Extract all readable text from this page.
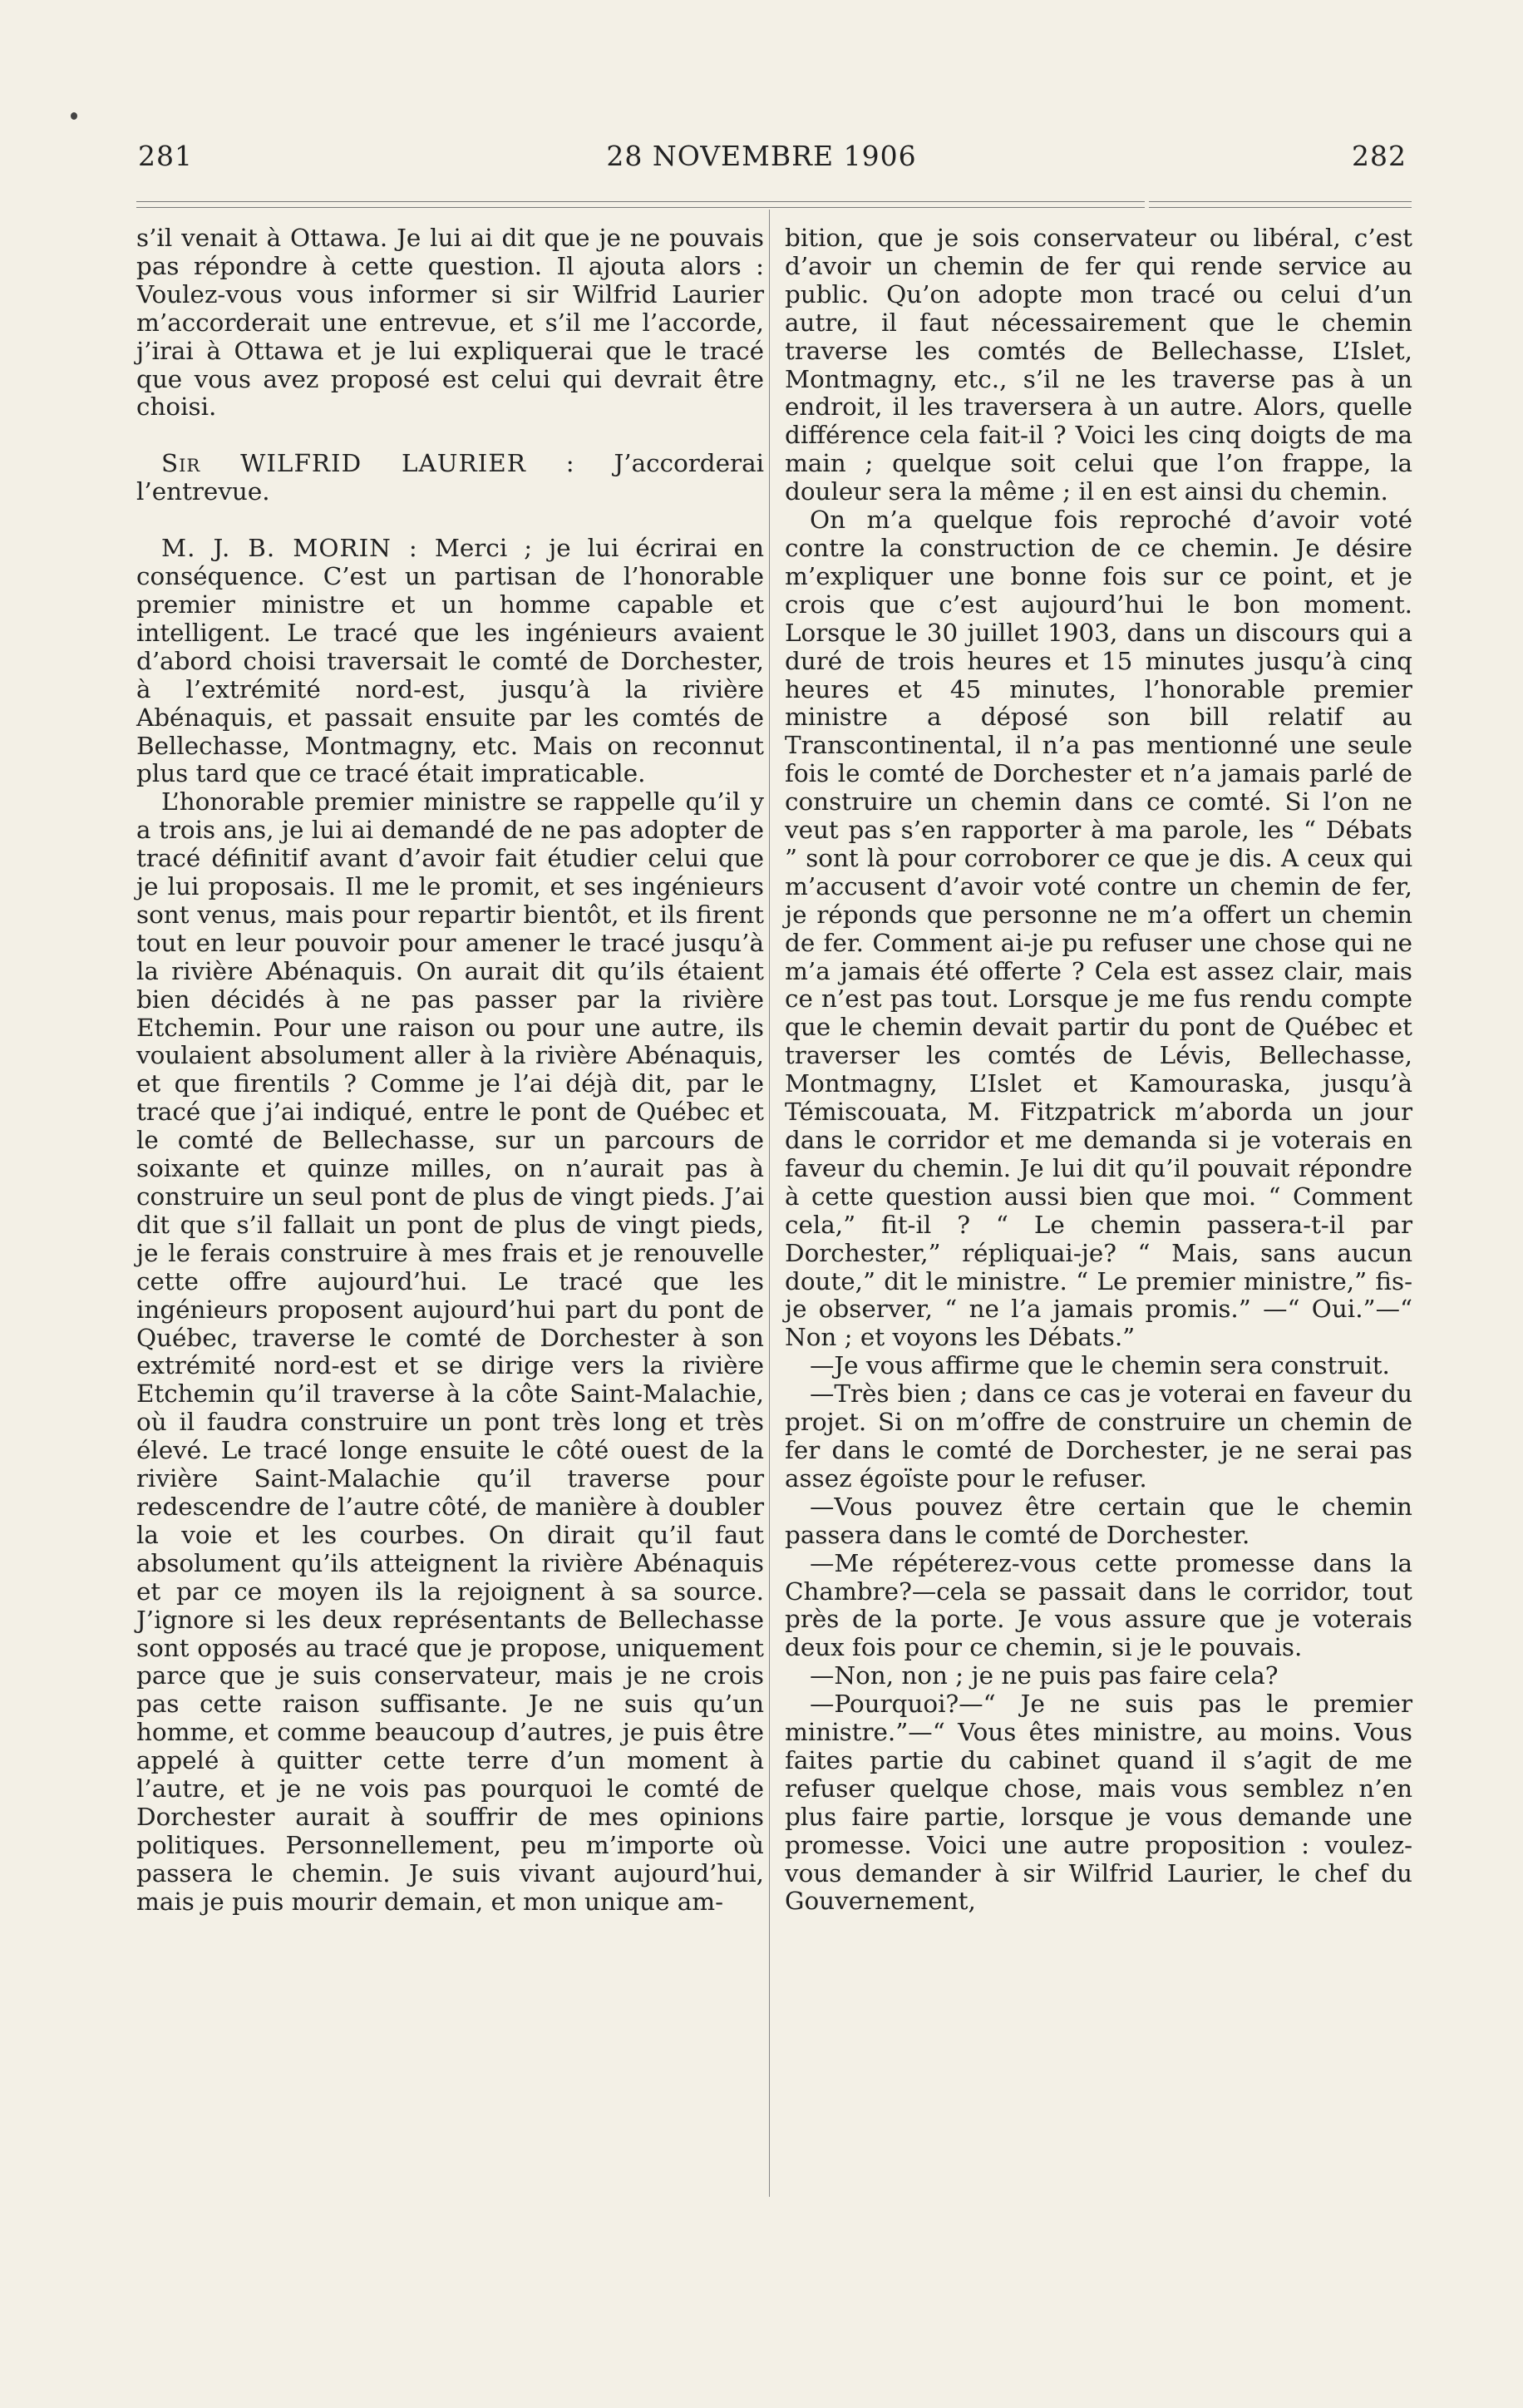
281	28 NOVEMBRE 1906	282

s’il venait à Ottawa. Je lui ai dit que je ne pouvais pas répondre à cette question. Il ajouta alors : Voulez-vous vous informer si sir Wilfrid Laurier m’accorderait une entrevue, et s’il me l’accorde, j’irai à Ottawa et je lui expliquerai que le tracé que vous avez proposé est celui qui devrait être choisi.

Sir WILFRID LAURIER : J’accorderai l’entrevue.

M. J. B. MORIN : Merci ; je lui écrirai en conséquence. C’est un partisan de l’honorable premier ministre et un homme capable et intelligent. Le tracé que les ingénieurs avaient d’abord choisi traversait le comté de Dorchester, à l’extrémité nord-est, jusqu’à la rivière Abénaquis, et passait ensuite par les comtés de Bellechasse, Montmagny, etc. Mais on reconnut plus tard que ce tracé était impraticable.

L’honorable premier ministre se rappelle qu’il y a trois ans, je lui ai demandé de ne pas adopter de tracé définitif avant d’avoir fait étudier celui que je lui proposais. Il me le promit, et ses ingénieurs sont venus, mais pour repartir bientôt, et ils firent tout en leur pouvoir pour amener le tracé jusqu’à la rivière Abénaquis. On aurait dit qu’ils étaient bien décidés à ne pas passer par la rivière Etchemin. Pour une raison ou pour une autre, ils voulaient absolument aller à la rivière Abénaquis, et que firentils ? Comme je l’ai déjà dit, par le tracé que j’ai indiqué, entre le pont de Québec et le comté de Bellechasse, sur un parcours de soixante et quinze milles, on n’aurait pas à construire un seul pont de plus de vingt pieds. J’ai dit que s’il fallait un pont de plus de vingt pieds, je le ferais construire à mes frais et je renouvelle cette offre aujourd’hui. Le tracé que les ingénieurs proposent aujourd’hui part du pont de Québec, traverse le comté de Dorchester à son extrémité nord-est et se dirige vers la rivière Etchemin qu’il traverse à la côte Saint-Malachie, où il faudra construire un pont très long et très élevé. Le tracé longe ensuite le côté ouest de la rivière Saint-Malachie qu’il traverse pour redescendre de l’autre côté, de manière à doubler la voie et les courbes. On dirait qu’il faut absolument qu’ils atteignent la rivière Abénaquis et par ce moyen ils la rejoignent à sa source. J’ignore si les deux représentants de Bellechasse sont opposés au tracé que je propose, uniquement parce que je suis conservateur, mais je ne crois pas cette raison suffisante. Je ne suis qu’un homme, et comme beaucoup d’autres, je puis être appelé à quitter cette terre d’un moment à l’autre, et je ne vois pas pourquoi le comté de Dorchester aurait à souffrir de mes opinions politiques. Personnellement, peu m’importe où passera le chemin. Je suis vivant aujourd’hui, mais je puis mourir demain, et mon unique am-

bition, que je sois conservateur ou libéral, c’est d’avoir un chemin de fer qui rende service au public. Qu’on adopte mon tracé ou celui d’un autre, il faut nécessairement que le chemin traverse les comtés de Bellechasse, L’Islet, Montmagny, etc., s’il ne les traverse pas à un endroit, il les traversera à un autre. Alors, quelle différence cela fait-il ? Voici les cinq doigts de ma main ; quelque soit celui que l’on frappe, la douleur sera la même ; il en est ainsi du chemin.

On m’a quelque fois reproché d’avoir voté contre la construction de ce chemin. Je désire m’expliquer une bonne fois sur ce point, et je crois que c’est aujourd’hui le bon moment. Lorsque le 30 juillet 1903, dans un discours qui a duré de trois heures et 15 minutes jusqu’à cinq heures et 45 minutes, l’honorable premier ministre a déposé son bill relatif au Transcontinental, il n’a pas mentionné une seule fois le comté de Dorchester et n’a jamais parlé de construire un chemin dans ce comté. Si l’on ne veut pas s’en rapporter à ma parole, les “ Débats ” sont là pour corroborer ce que je dis. A ceux qui m’accusent d’avoir voté contre un chemin de fer, je réponds que personne ne m’a offert un chemin de fer. Comment ai-je pu refuser une chose qui ne m’a jamais été offerte ? Cela est assez clair, mais ce n’est pas tout. Lorsque je me fus rendu compte que le chemin devait partir du pont de Québec et traverser les comtés de Lévis, Bellechasse, Montmagny, L’Islet et Kamouraska, jusqu’à Témiscouata, M. Fitzpatrick m’aborda un jour dans le corridor et me demanda si je voterais en faveur du chemin. Je lui dit qu’il pouvait répondre à cette question aussi bien que moi. “ Comment cela,” fit-il ? “ Le chemin passera-t-il par Dorchester,” répliquai-je? “ Mais, sans aucun doute,” dit le ministre. “ Le premier ministre,” fis-je observer, “ ne l’a jamais promis.” —“ Oui.”—“ Non ; et voyons les Débats.”

—Je vous affirme que le chemin sera construit.

—Très bien ; dans ce cas je voterai en faveur du projet. Si on m’offre de construire un chemin de fer dans le comté de Dorchester, je ne serai pas assez égoïste pour le refuser.

—Vous pouvez être certain que le chemin passera dans le comté de Dorchester.

—Me répéterez-vous cette promesse dans la Chambre?—cela se passait dans le corridor, tout près de la porte. Je vous assure que je voterais deux fois pour ce chemin, si je le pouvais.

—Non, non ; je ne puis pas faire cela?

—Pourquoi?—“ Je ne suis pas le premier ministre.”—“ Vous êtes ministre, au moins. Vous faites partie du cabinet quand il s’agit de me refuser quelque chose, mais vous semblez n’en plus faire partie, lorsque je vous demande une promesse. Voici une autre proposition : voulez-vous demander à sir Wilfrid Laurier, le chef du Gouvernement,
